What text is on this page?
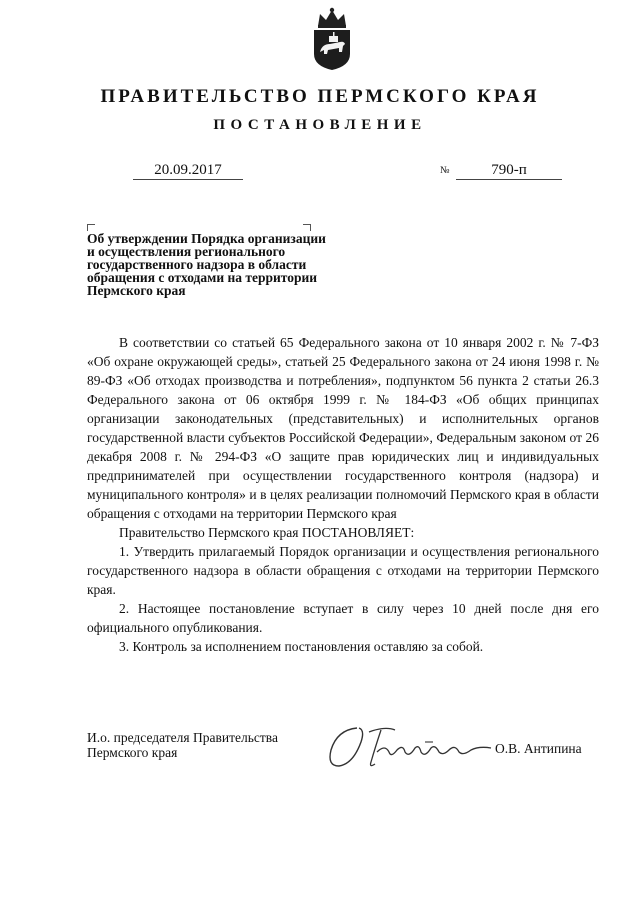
ПРАВИТЕЛЬСТВО ПЕРМСКОГО КРАЯ
ПОСТАНОВЛЕНИЕ
20.09.2017	№	790-п
Об утверждении Порядка организации
и осуществления регионального
государственного надзора в области
обращения с отходами на территории
Пермского края

В соответствии со статьей 65 Федерального закона от 10 января 2002 г. № 7-ФЗ «Об охране окружающей среды», статьей 25 Федерального закона от 24 июня 1998 г. № 89-ФЗ «Об отходах производства и потребления», подпунктом 56 пункта 2 статьи 26.3 Федерального закона от 06 октября 1999 г. № 184-ФЗ «Об общих принципах организации законодательных (представительных) и исполнительных органов государственной власти субъектов Российской Федерации», Федеральным законом от 26 декабря 2008 г. № 294-ФЗ «О защите прав юридических лиц и индивидуальных предпринимателей при осуществлении государственного контроля (надзора) и муниципального контроля» и в целях реализации полномочий Пермского края в области обращения с отходами на территории Пермского края

Правительство Пермского края ПОСТАНОВЛЯЕТ:

1. Утвердить прилагаемый Порядок организации и осуществления регионального государственного надзора в области обращения с отходами на территории Пермского края.

2. Настоящее постановление вступает в силу через 10 дней после дня его официального опубликования.

3. Контроль за исполнением постановления оставляю за собой.

И.о. председателя Правительства
Пермского края	О.В. Антипина
